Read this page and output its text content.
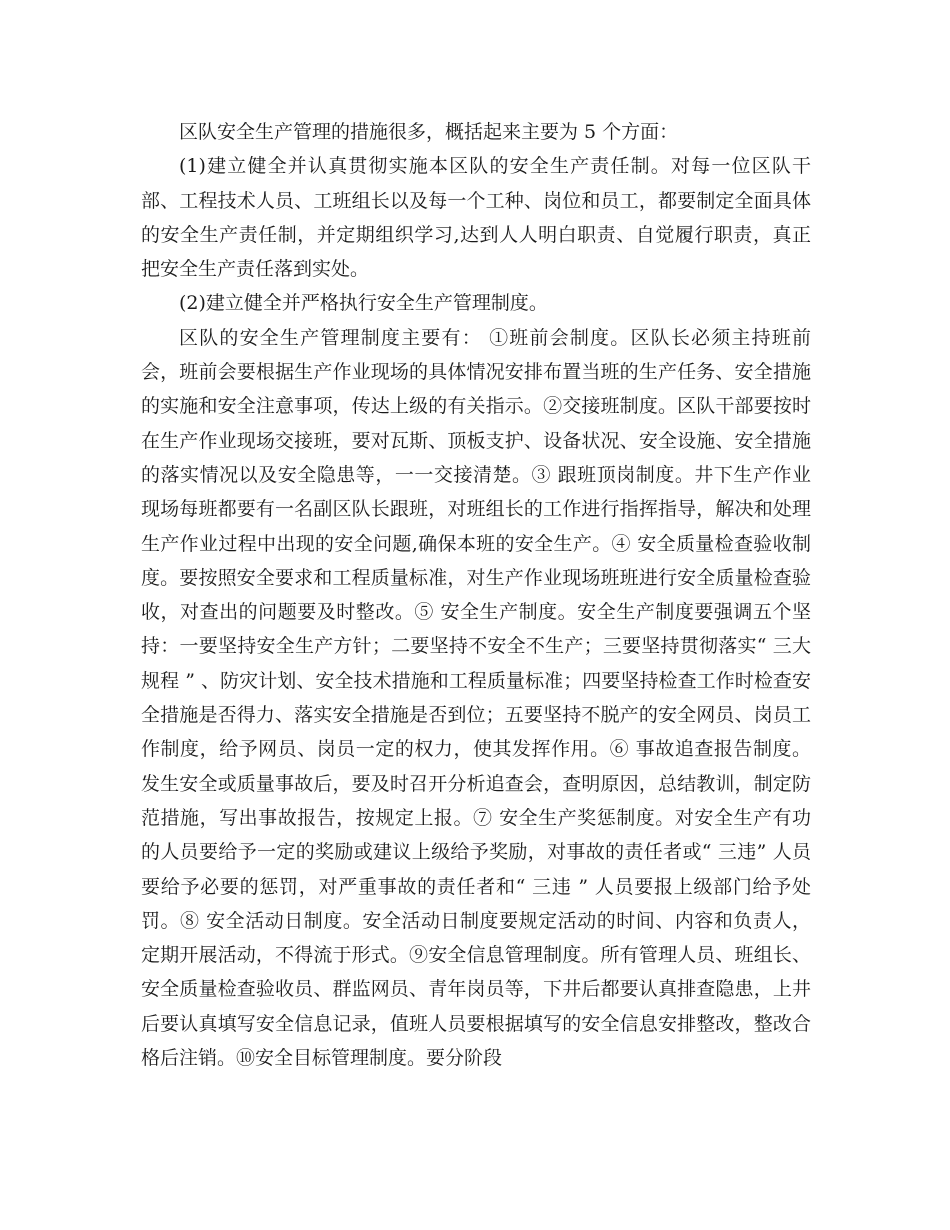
区队安全生产管理的措施很多，概括起来主要为 5 个方面：

(1)建立健全并认真贯彻实施本区队的安全生产责任制。对每一位区队干部、工程技术人员、工班组长以及每一个工种、岗位和员工，都要制定全面具体的安全生产责任制，并定期组织学习,达到人人明白职责、自觉履行职责，真正把安全生产责任落到实处。

(2)建立健全并严格执行安全生产管理制度。

区队的安全生产管理制度主要有： ①班前会制度。区队长必须主持班前会，班前会要根据生产作业现场的具体情况安排布置当班的生产任务、安全措施的实施和安全注意事项，传达上级的有关指示。②交接班制度。区队干部要按时在生产作业现场交接班，要对瓦斯、顶板支护、设备状况、安全设施、安全措施的落实情况以及安全隐患等，一一交接清楚。③ 跟班顶岗制度。井下生产作业现场每班都要有一名副区队长跟班，对班组长的工作进行指挥指导，解决和处理生产作业过程中出现的安全问题,确保本班的安全生产。④ 安全质量检查验收制度。要按照安全要求和工程质量标准，对生产作业现场班班进行安全质量检查验收，对查出的问题要及时整改。⑤ 安全生产制度。安全生产制度要强调五个坚持：一要坚持安全生产方针；二要坚持不安全不生产；三要坚持贯彻落实“ 三大规程 ” 、防灾计划、安全技术措施和工程质量标准；四要坚持检查工作时检查安全措施是否得力、落实安全措施是否到位；五要坚持不脱产的安全网员、岗员工作制度，给予网员、岗员一定的权力，使其发挥作用。⑥ 事故追查报告制度。发生安全或质量事故后，要及时召开分析追查会，查明原因，总结教训，制定防范措施，写出事故报告，按规定上报。⑦ 安全生产奖惩制度。对安全生产有功的人员要给予一定的奖励或建议上级给予奖励，对事故的责任者或“ 三违” 人员要给予必要的惩罚，对严重事故的责任者和“ 三违 ” 人员要报上级部门给予处罚。⑧ 安全活动日制度。安全活动日制度要规定活动的时间、内容和负责人，定期开展活动，不得流于形式。⑨安全信息管理制度。所有管理人员、班组长、安全质量检查验收员、群监网员、青年岗员等，下井后都要认真排查隐患，上井后要认真填写安全信息记录，值班人员要根据填写的安全信息安排整改，整改合格后注销。⑩安全目标管理制度。要分阶段
